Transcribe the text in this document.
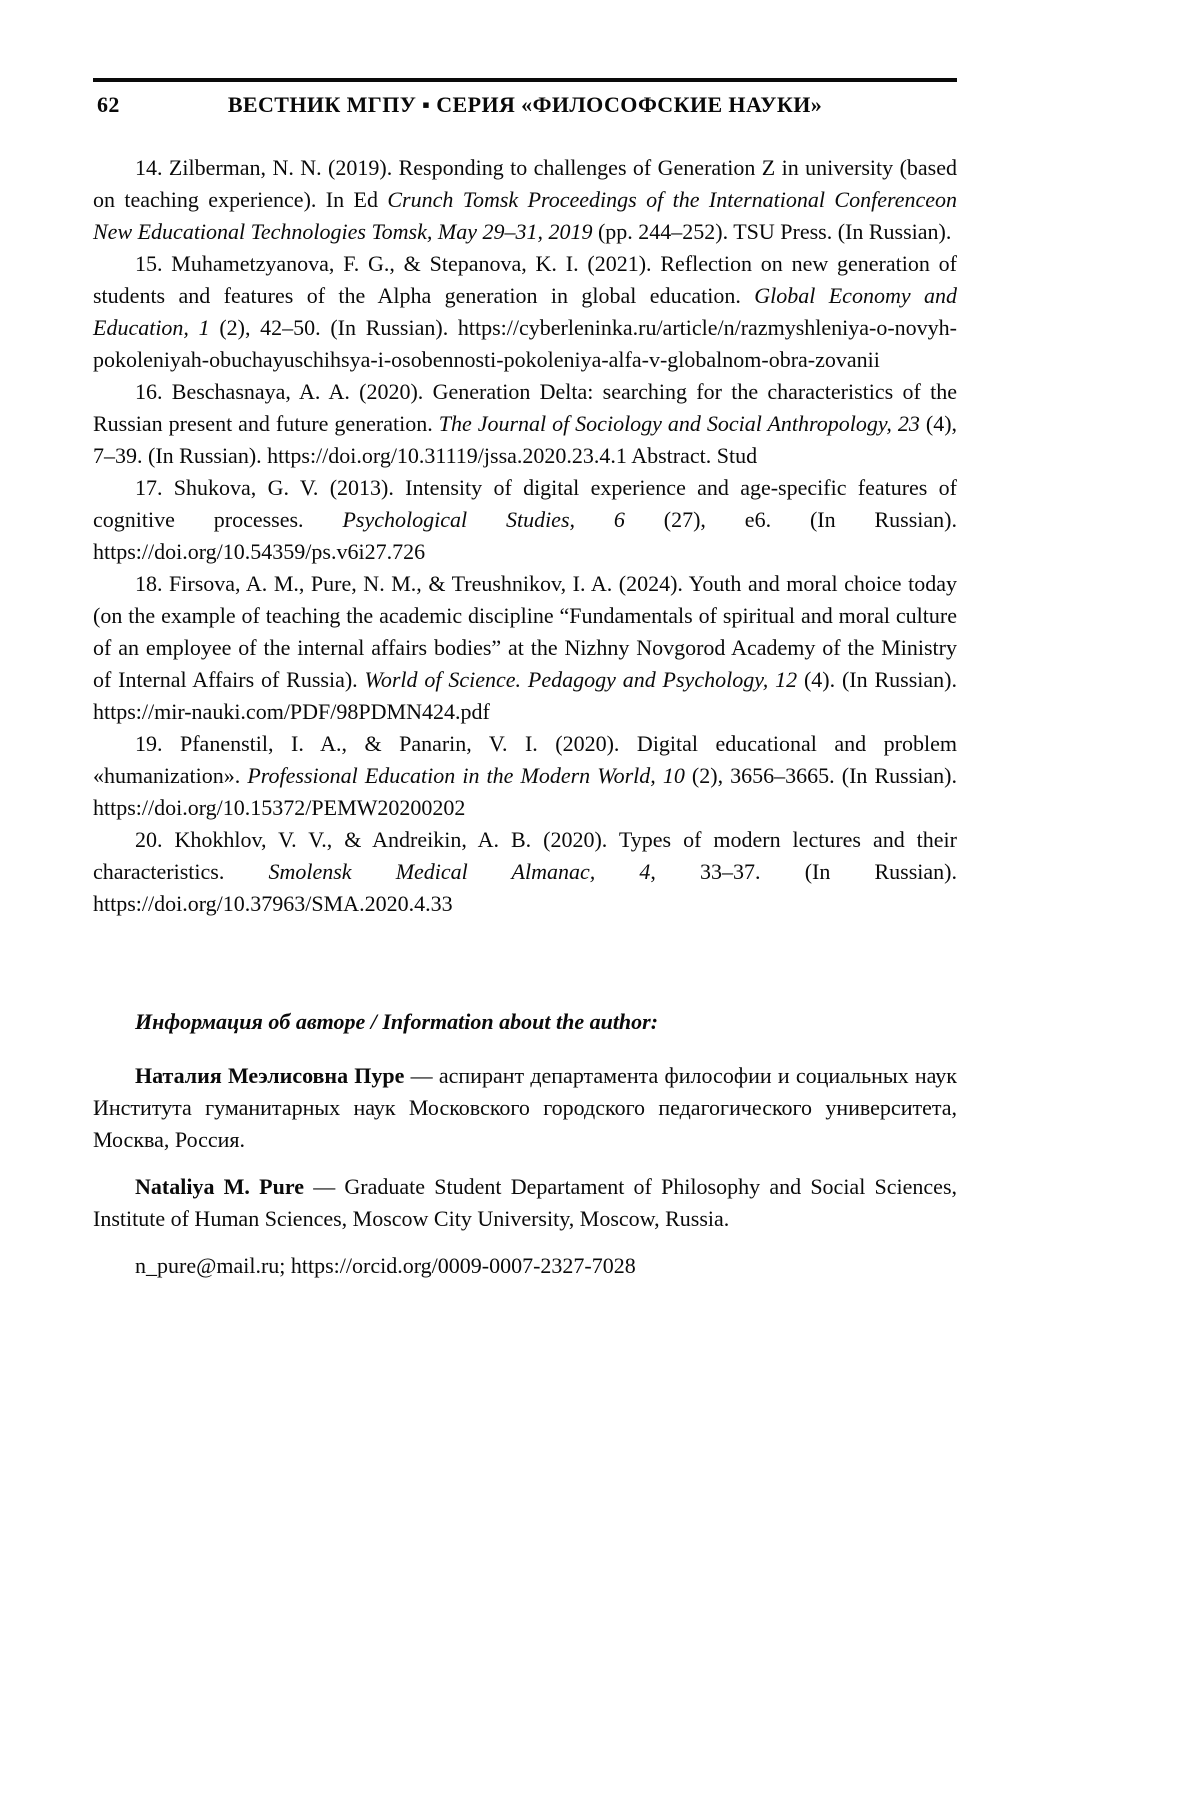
62	ВЕСТНИК МГПУ ▪ СЕРИЯ «ФИЛОСОФСКИЕ НАУКИ»

14. Zilberman, N. N. (2019). Responding to challenges of Generation Z in university (based on teaching experience). In Ed Crunch Tomsk Proceedings of the International Conferenceon New Educational Technologies Tomsk, May 29–31, 2019 (pp. 244–252). TSU Press. (In Russian).

15. Muhametzyanova, F. G., & Stepanova, K. I. (2021). Reflection on new generation of students and features of the Alpha generation in global education. Global Economy and Education, 1 (2), 42–50. (In Russian). https://cyberleninka.ru/article/n/razmyshleniya-o-novyh-pokoleniyah-obuchayuschihsya-i-osobennosti-pokoleniya-alfa-v-globalnom-obra-zovanii

16. Beschasnaya, A. A. (2020). Generation Delta: searching for the characteristics of the Russian present and future generation. The Journal of Sociology and Social Anthropology, 23 (4), 7–39. (In Russian). https://doi.org/10.31119/jssa.2020.23.4.1 Abstract. Stud

17. Shukova, G. V. (2013). Intensity of digital experience and age-specific features of cognitive processes. Psychological Studies, 6 (27), e6. (In Russian). https://doi.org/10.54359/ps.v6i27.726

18. Firsova, A. M., Pure, N. M., & Treushnikov, I. A. (2024). Youth and moral choice today (on the example of teaching the academic discipline “Fundamentals of spiritual and moral culture of an employee of the internal affairs bodies” at the Nizhny Novgorod Academy of the Ministry of Internal Affairs of Russia). World of Science. Pedagogy and Psychology, 12 (4). (In Russian). https://mir-nauki.com/PDF/98PDMN424.pdf

19. Pfanenstil, I. A., & Panarin, V. I. (2020). Digital educational and problem «humanization». Professional Education in the Modern World, 10 (2), 3656–3665. (In Russian). https://doi.org/10.15372/PEMW20200202

20. Khokhlov, V. V., & Andreikin, A. B. (2020). Types of modern lectures and their characteristics. Smolensk Medical Almanac, 4, 33–37. (In Russian). https://doi.org/10.37963/SMA.2020.4.33

Информация об авторе / Information about the author:

Наталия Меэлисовна Пуре — аспирант департамента философии и социальных наук Института гуманитарных наук Московского городского педагогического университета, Москва, Россия.

Nataliya M. Pure — Graduate Student Departament of Philosophy and Social Sciences, Institute of Human Sciences, Moscow City University, Moscow, Russia.

n_pure@mail.ru; https://orcid.org/0009-0007-2327-7028
